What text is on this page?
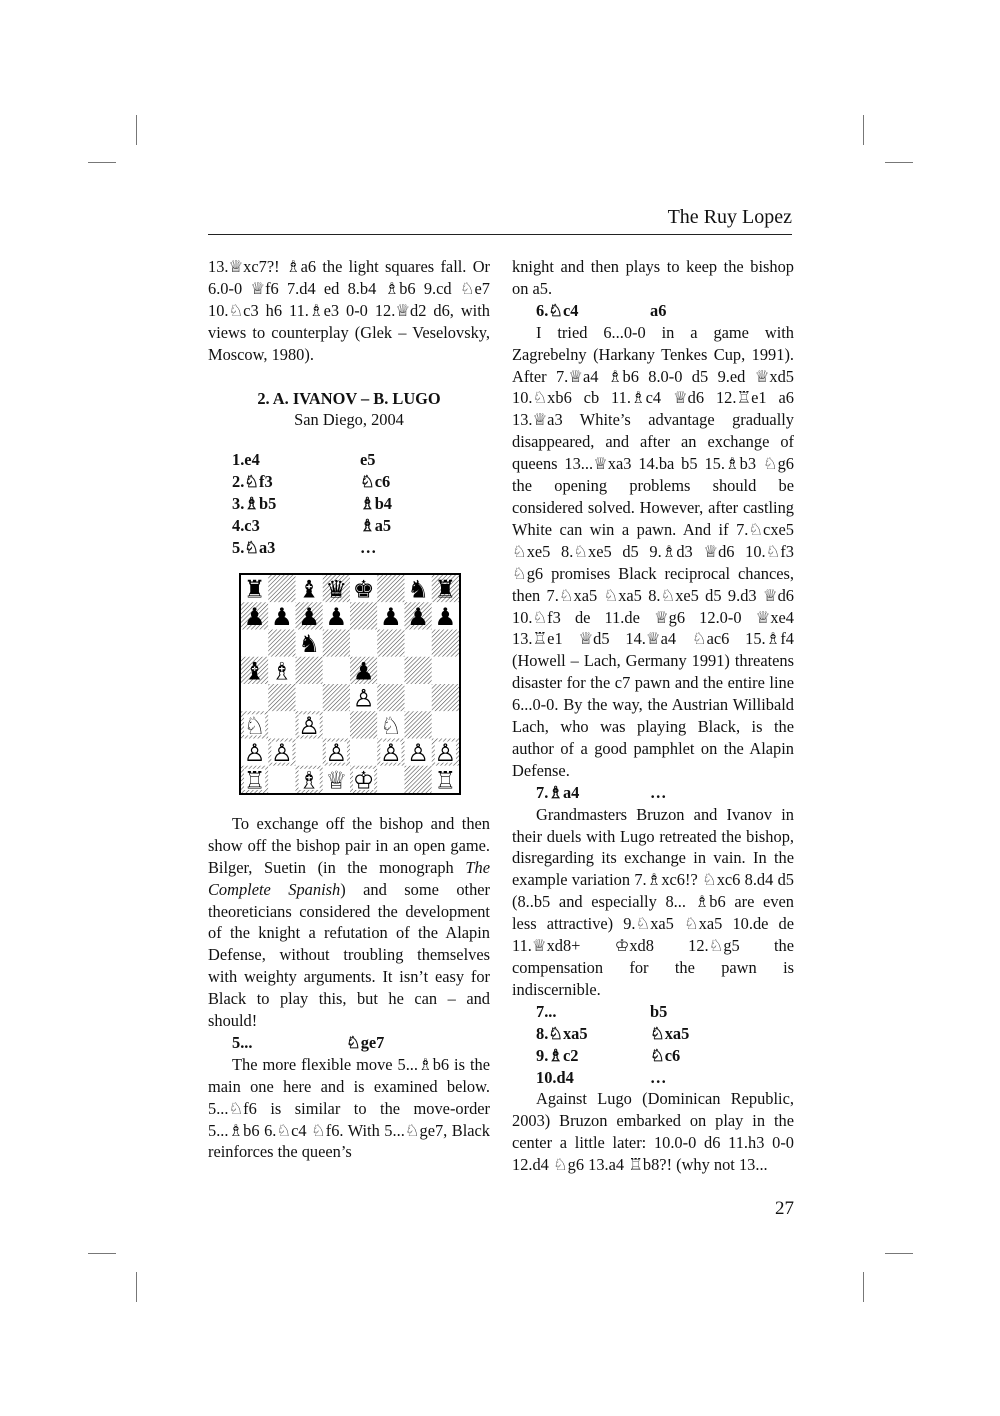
The Ruy Lopez

13.♕xc7?! ♗a6 the light squares fall. Or 6.0-0 ♕f6 7.d4 ed 8.b4 ♗b6 9.cd ♘e7 10.♘c3 h6 11.♗e3 0-0 12.♕d2 d6, with views to counterplay (Glek – Veselovsky, Moscow, 1980).

2. A. IVANOV – B. LUGO
San Diego, 2004
1.e4	e5
2.♘f3	♘c6
3.♗b5	♗b4
4.c3	♗a5
5.♘a3	…
♜ ♝ ♛ ♚ ♞ ♜
♟ ♟ ♟ ♟ ♟ ♟ ♟
♞
♝ ♗	♟
♙
♘ ♙	♘
♙ ♙ ♙ ♙ ♙ ♙
♖ ♗ ♕ ♔	♖

To exchange off the bishop and then show off the bishop pair in an open game. Bilger, Suetin (in the monograph The Complete Spanish) and some other theoreticians considered the development of the knight a refutation of the Alapin Defense, without troubling themselves with weighty arguments. It isn’t easy for Black to play this, but he can – and should!

5...	♘ge7

The more flexible move 5...♗b6 is the main one here and is examined below. 5...♘f6 is similar to the move-order 5...♗b6 6.♘c4 ♘f6. With 5...♘ge7, Black reinforces the queen’s

knight and then plays to keep the bishop on a5.

6.♘c4	a6

I tried 6...0-0 in a game with Zagrebelny (Harkany Tenkes Cup, 1991). After 7.♕a4 ♗b6 8.0-0 d5 9.ed ♕xd5 10.♘xb6 cb 11.♗c4 ♕d6 12.♖e1 a6 13.♕a3 White’s advantage gradually disappeared, and after an exchange of queens 13...♕xa3 14.ba b5 15.♗b3 ♘g6 the opening problems should be considered solved. However, after castling White can win a pawn. And if 7.♘cxe5 ♘xe5 8.♘xe5 d5 9.♗d3 ♕d6 10.♘f3 ♘g6 promises Black reciprocal chances, then 7.♘xa5 ♘xa5 8.♘xe5 d5 9.d3 ♕d6 10.♘f3 de 11.de ♕g6 12.0-0 ♕xe4 13.♖e1 ♕d5 14.♕a4 ♘ac6 15.♗f4 (Howell – Lach, Germany 1991) threatens disaster for the c7 pawn and the entire line 6...0-0. By the way, the Austrian Willibald Lach, who was playing Black, is the author of a good pamphlet on the Alapin Defense.

7.♗a4	…

Grandmasters Bruzon and Ivanov in their duels with Lugo retreated the bishop, disregarding its exchange in vain. In the example variation 7.♗xc6!? ♘xc6 8.d4 d5 (8..b5 and especially 8... ♗b6 are even less attractive) 9.♘xa5 ♘xa5 10.de de 11.♕xd8+ ♔xd8 12.♘g5 the compensation for the pawn is indiscernible.

7...	b5
8.♘xa5	♘xa5
9.♗c2	♘c6
10.d4	…

Against Lugo (Dominican Republic, 2003) Bruzon embarked on play in the center a little later: 10.0-0 d6 11.h3 0-0 12.d4 ♘g6 13.a4 ♖b8?! (why not 13...

27
